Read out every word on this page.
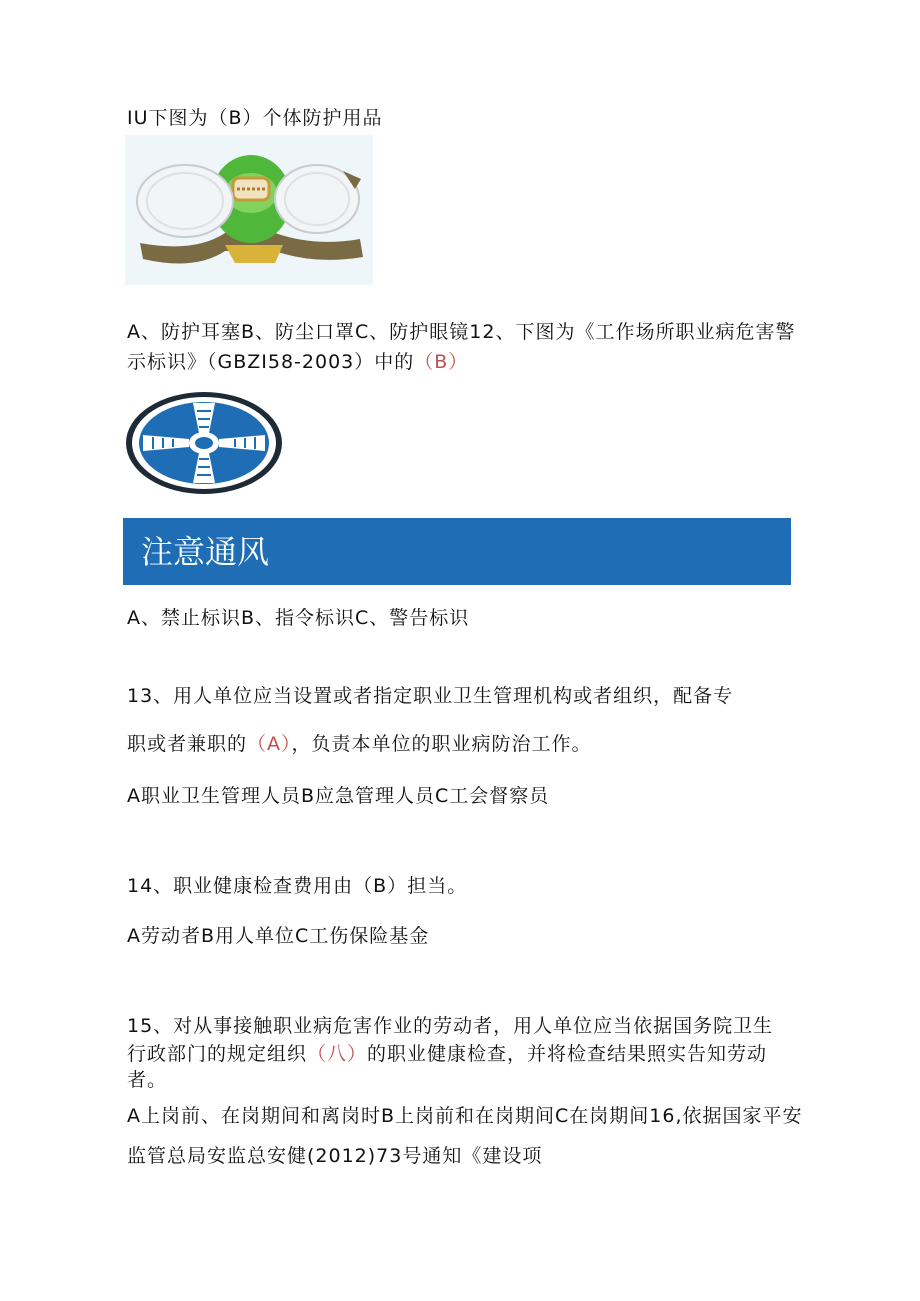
IU下图为（B）个体防护用品

A、防护耳塞B、防尘口罩C、防护眼镜12、下图为《工作场所职业病危害警

示标识》（GBZI58-2003）中的（B）

注意通风

A、禁止标识B、指令标识C、警告标识

13、用人单位应当设置或者指定职业卫生管理机构或者组织，配备专

职或者兼职的（A），负责本单位的职业病防治工作。

A职业卫生管理人员B应急管理人员C工会督察员

14、职业健康检查费用由（B）担当。

A劳动者B用人单位C工伤保险基金

15、对从事接触职业病危害作业的劳动者，用人单位应当依据国务院卫生

行政部门的规定组织（八）的职业健康检查，并将检查结果照实告知劳动

者。

A上岗前、在岗期间和离岗时B上岗前和在岗期间C在岗期间16,依据国家平安

监管总局安监总安健(2012)73号通知《建设项
